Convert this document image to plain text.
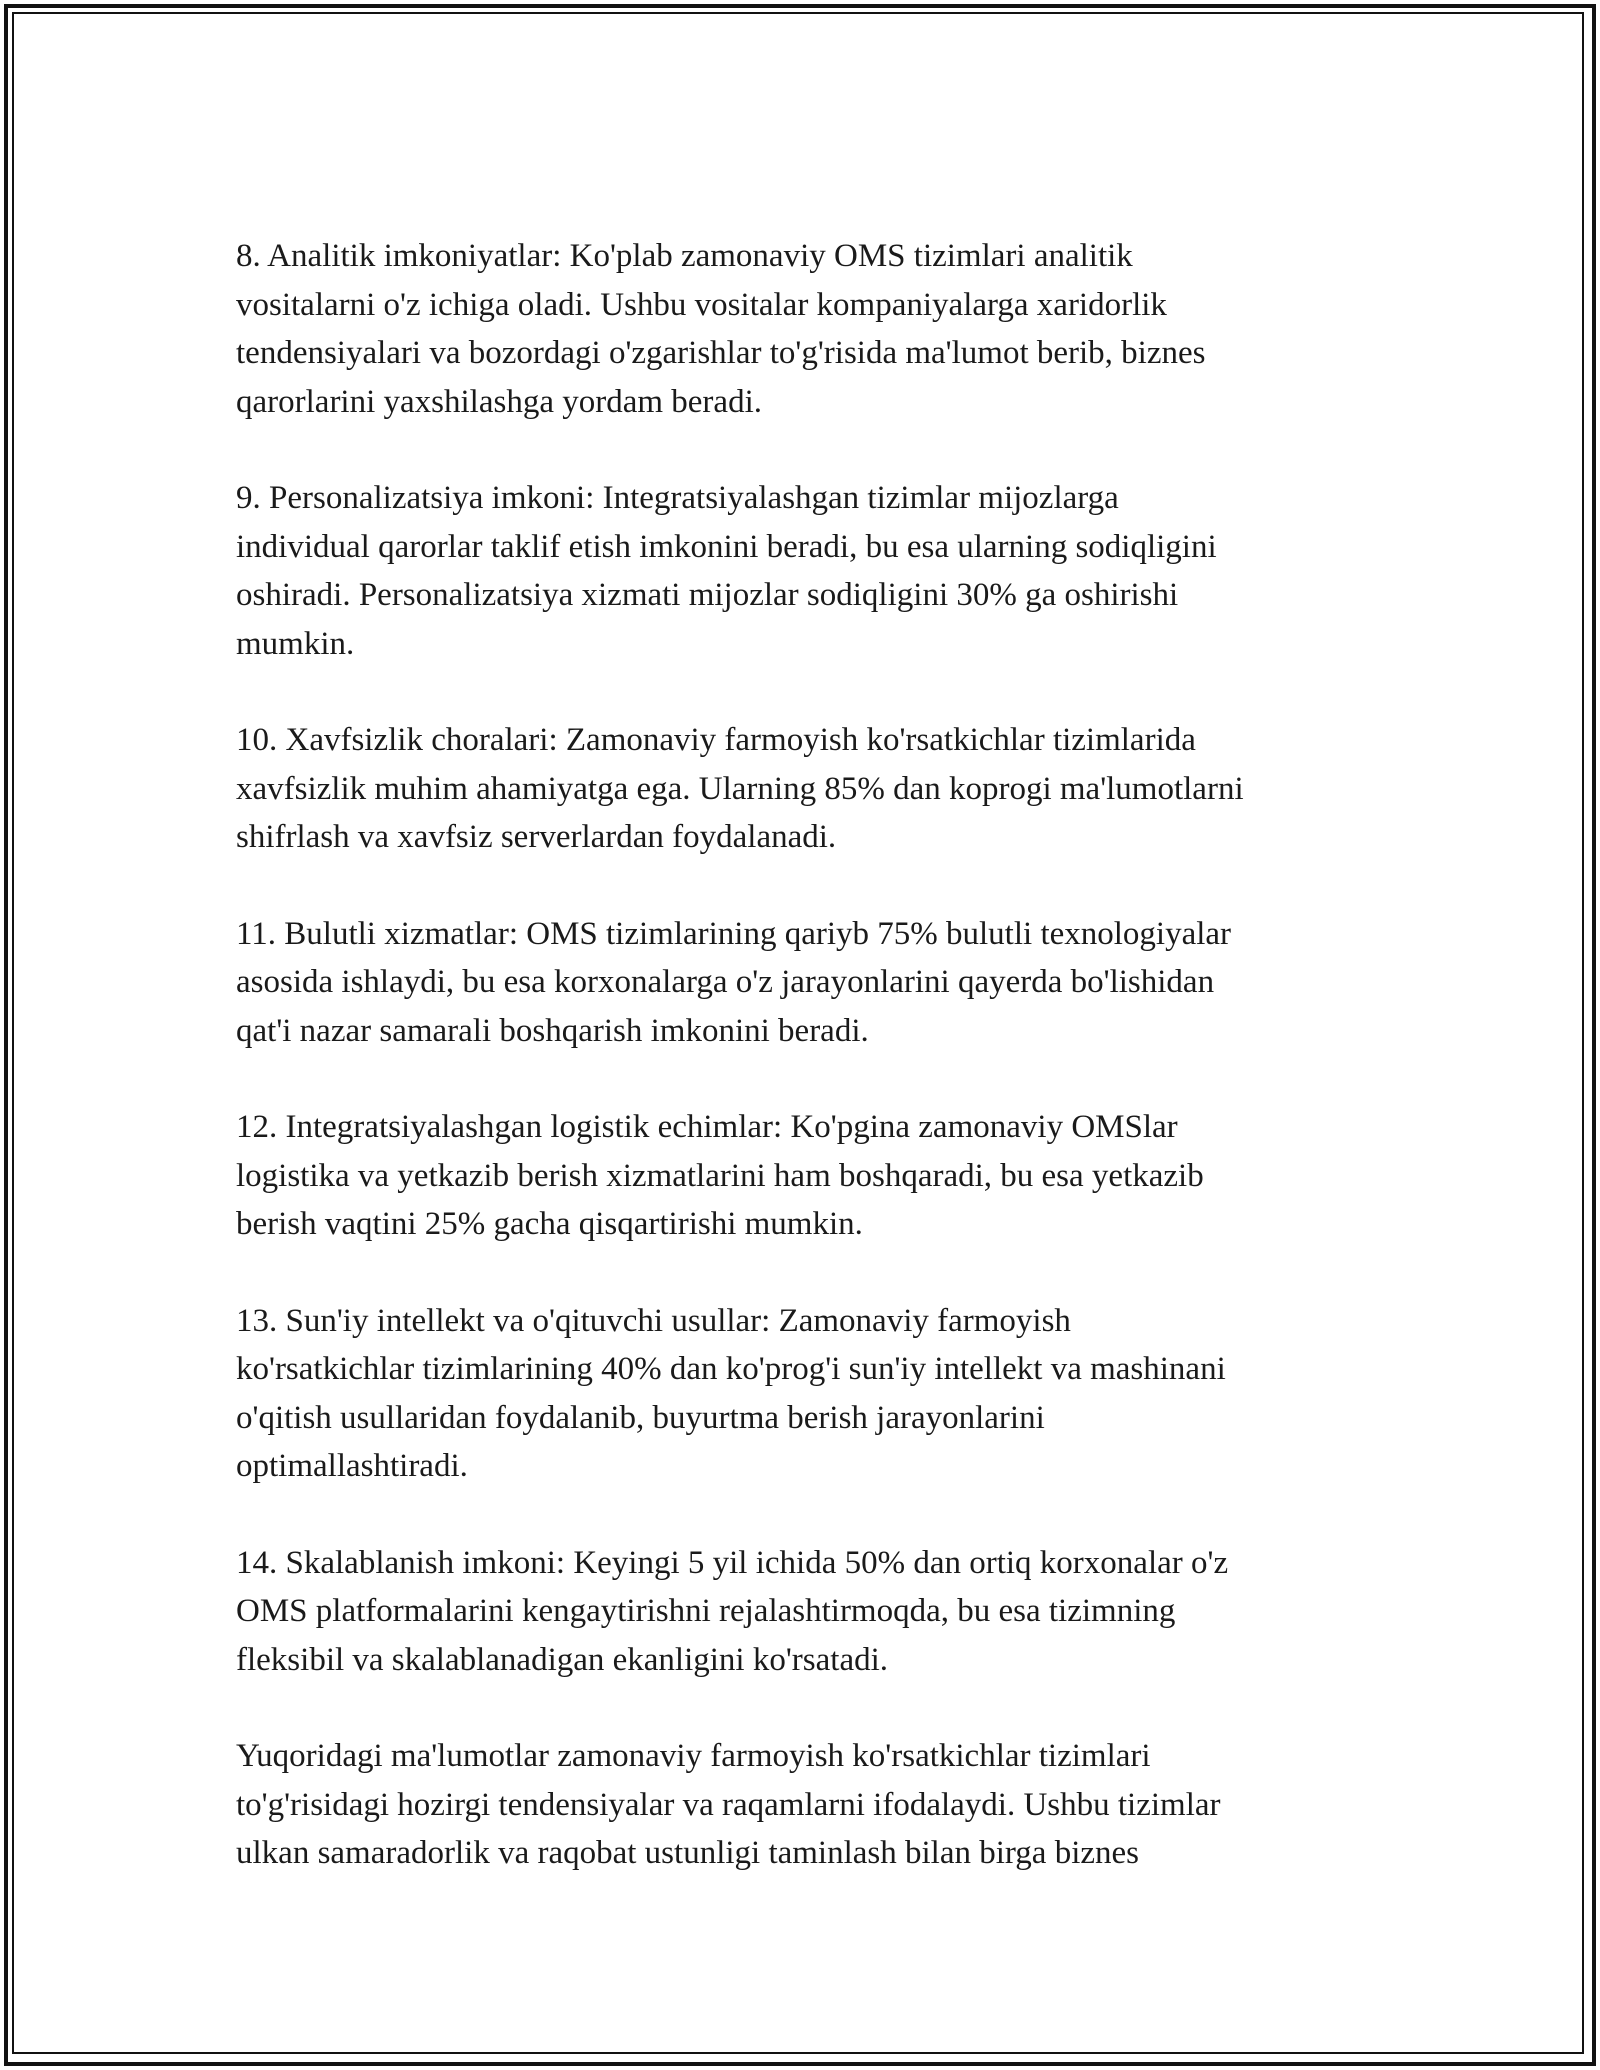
8. Analitik imkoniyatlar: Ko'plab zamonaviy OMS tizimlari analitik
vositalarni o'z ichiga oladi. Ushbu vositalar kompaniyalarga xaridorlik
tendensiyalari va bozordagi o'zgarishlar to'g'risida ma'lumot berib, biznes
qarorlarini yaxshilashga yordam beradi.

9. Personalizatsiya imkoni: Integratsiyalashgan tizimlar mijozlarga
individual qarorlar taklif etish imkonini beradi, bu esa ularning sodiqligini
oshiradi. Personalizatsiya xizmati mijozlar sodiqligini 30% ga oshirishi
mumkin.

10. Xavfsizlik choralari: Zamonaviy farmoyish ko'rsatkichlar tizimlarida
xavfsizlik muhim ahamiyatga ega. Ularning 85% dan koprogi ma'lumotlarni
shifrlash va xavfsiz serverlardan foydalanadi.

11. Bulutli xizmatlar: OMS tizimlarining qariyb 75% bulutli texnologiyalar
asosida ishlaydi, bu esa korxonalarga o'z jarayonlarini qayerda bo'lishidan
qat'i nazar samarali boshqarish imkonini beradi.

12. Integratsiyalashgan logistik echimlar: Ko'pgina zamonaviy OMSlar
logistika va yetkazib berish xizmatlarini ham boshqaradi, bu esa yetkazib
berish vaqtini 25% gacha qisqartirishi mumkin.

13. Sun'iy intellekt va o'qituvchi usullar: Zamonaviy farmoyish
ko'rsatkichlar tizimlarining 40% dan ko'prog'i sun'iy intellekt va mashinani
o'qitish usullaridan foydalanib, buyurtma berish jarayonlarini
optimallashtiradi.

14. Skalablanish imkoni: Keyingi 5 yil ichida 50% dan ortiq korxonalar o'z
OMS platformalarini kengaytirishni rejalashtirmoqda, bu esa tizimning
fleksibil va skalablanadigan ekanligini ko'rsatadi.

Yuqoridagi ma'lumotlar zamonaviy farmoyish ko'rsatkichlar tizimlari
to'g'risidagi hozirgi tendensiyalar va raqamlarni ifodalaydi. Ushbu tizimlar
ulkan samaradorlik va raqobat ustunligi taminlash bilan birga biznes
